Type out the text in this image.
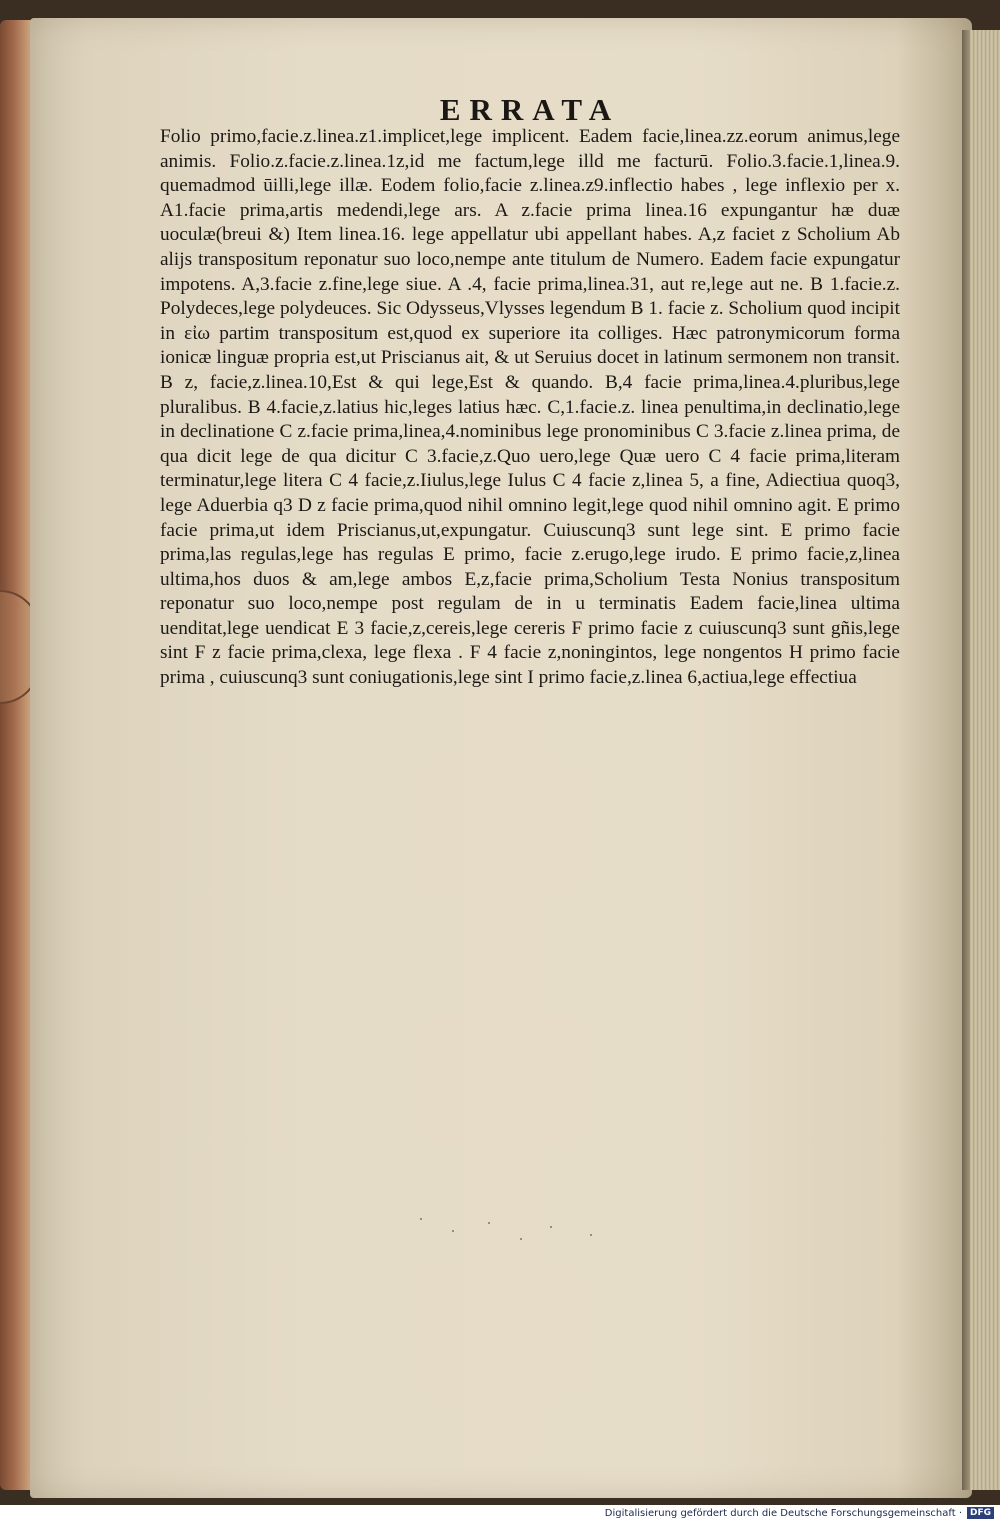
ERRATA

Folio primo,facie.z.linea.z1.implicet,lege implicent. Eadem facie,linea.zz.eorum animus,lege animis. Folio.z.facie.z.linea.1z,id me factum,lege illd me facturū. Folio.3.facie.1,linea.9. quemadmod ūilli,lege illæ. Eodem folio,facie z.linea.z9.inflectio habes , lege inflexio per x. A1.facie prima,artis medendi,lege ars. A z.facie prima linea.16 expungantur hæ duæ uoculæ(breui &) Item linea.16. lege appellatur ubi appellant habes. A,z faciet z Scholium Ab alijs transpositum reponatur suo loco,nempe ante titulum de Numero. Eadem facie expungatur impotens. A,3.facie z.fine,lege siue. A .4, facie prima,linea.31, aut re,lege aut ne. B 1.facie.z. Polydeces,lege polydeuces. Sic Odysseus,Vlysses legendum B 1. facie z. Scholium quod incipit in εἰω partim transpositum est,quod ex superiore ita colliges. Hæc patronymicorum forma ionicæ linguæ propria est,ut Priscianus ait, & ut Seruius docet in latinum sermonem non transit. B z, facie,z.linea.10,Est & qui lege,Est & quando. B,4 facie prima,linea.4.pluribus,lege pluralibus. B 4.facie,z.latius hic,leges latius hæc. C,1.facie.z. linea penultima,in declinatio,lege in declinatione C z.facie prima,linea,4.nominibus lege pronominibus C 3.facie z.linea prima, de qua dicit lege de qua dicitur C 3.facie,z.Quo uero,lege Quæ uero C 4 facie prima,literam terminatur,lege litera C 4 facie,z.Iiulus,lege Iulus C 4 facie z,linea 5, a fine, Adiectiua quoq3, lege Aduerbia q3 D z facie prima,quod nihil omnino legit,lege quod nihil omnino agit. E primo facie prima,ut idem Priscianus,ut,expungatur. Cuiuscunq3 sunt lege sint. E primo facie prima,las regulas,lege has regulas E primo, facie z.erugo,lege irudo. E primo facie,z,linea ultima,hos duos & am,lege ambos E,z,facie prima,Scholium Testa Nonius transpositum reponatur suo loco,nempe post regulam de in u terminatis Eadem facie,linea ultima uenditat,lege uendicat E 3 facie,z,cereis,lege cereris F primo facie z cuiuscunq3 sunt gñis,lege sint F z facie prima,clexa, lege flexa . F 4 facie z,noningintos, lege nongentos H primo facie prima , cuiuscunq3 sunt coniugationis,lege sint I primo facie,z.linea 6,actiua,lege effectiua

Digitalisierung gefördert durch die Deutsche Forschungsgemeinschaft · DFG
